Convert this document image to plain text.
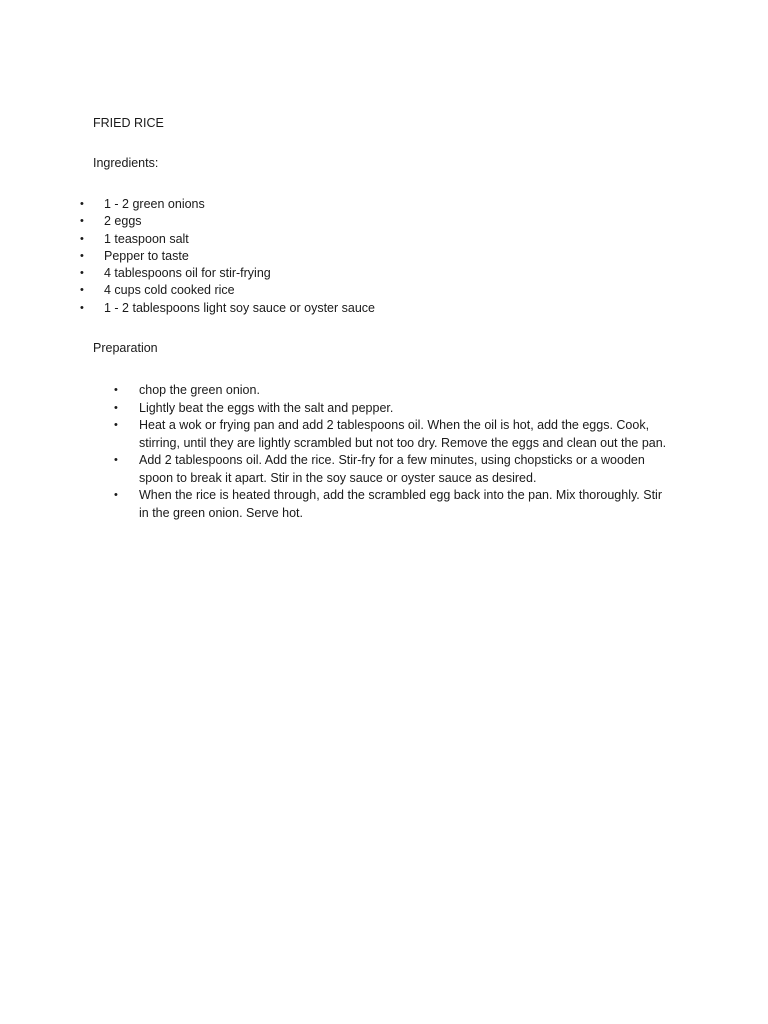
FRIED RICE
Ingredients:
• 1 - 2 green onions
• 2 eggs
• 1 teaspoon salt
• Pepper to taste
• 4 tablespoons oil for stir-frying
• 4 cups cold cooked rice
• 1 - 2 tablespoons light soy sauce or oyster sauce
Preparation
• chop the green onion.
• Lightly beat the eggs with the salt and pepper.
• Heat a wok or frying pan and add 2 tablespoons oil. When the oil is hot, add the eggs. Cook, stirring, until they are lightly scrambled but not too dry. Remove the eggs and clean out the pan.
• Add 2 tablespoons oil. Add the rice. Stir-fry for a few minutes, using chopsticks or a wooden spoon to break it apart. Stir in the soy sauce or oyster sauce as desired.
• When the rice is heated through, add the scrambled egg back into the pan. Mix thoroughly. Stir in the green onion. Serve hot.
